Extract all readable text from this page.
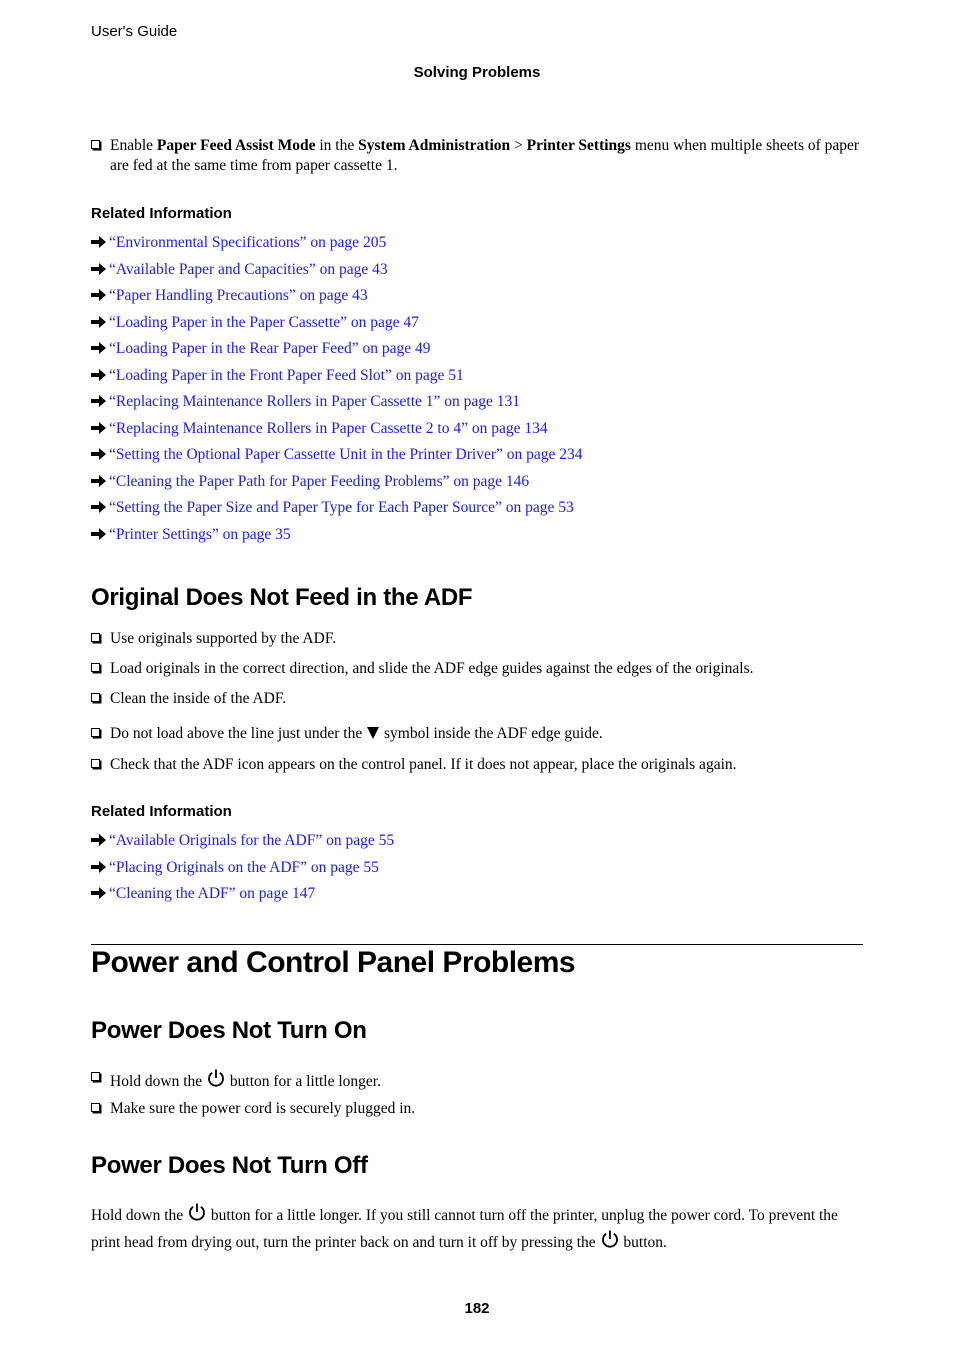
User's Guide
Solving Problems
Enable Paper Feed Assist Mode in the System Administration > Printer Settings menu when multiple sheets of paper are fed at the same time from paper cassette 1.
Related Information
“Environmental Specifications” on page 205
“Available Paper and Capacities” on page 43
“Paper Handling Precautions” on page 43
“Loading Paper in the Paper Cassette” on page 47
“Loading Paper in the Rear Paper Feed” on page 49
“Loading Paper in the Front Paper Feed Slot” on page 51
“Replacing Maintenance Rollers in Paper Cassette 1” on page 131
“Replacing Maintenance Rollers in Paper Cassette 2 to 4” on page 134
“Setting the Optional Paper Cassette Unit in the Printer Driver” on page 234
“Cleaning the Paper Path for Paper Feeding Problems” on page 146
“Setting the Paper Size and Paper Type for Each Paper Source” on page 53
“Printer Settings” on page 35
Original Does Not Feed in the ADF
Use originals supported by the ADF.
Load originals in the correct direction, and slide the ADF edge guides against the edges of the originals.
Clean the inside of the ADF.
Do not load above the line just under the  symbol inside the ADF edge guide.
Check that the ADF icon appears on the control panel. If it does not appear, place the originals again.
Related Information
“Available Originals for the ADF” on page 55
“Placing Originals on the ADF” on page 55
“Cleaning the ADF” on page 147
Power and Control Panel Problems
Power Does Not Turn On
Hold down the  button for a little longer.
Make sure the power cord is securely plugged in.
Power Does Not Turn Off
Hold down the  button for a little longer. If you still cannot turn off the printer, unplug the power cord. To prevent the print head from drying out, turn the printer back on and turn it off by pressing the  button.
182
